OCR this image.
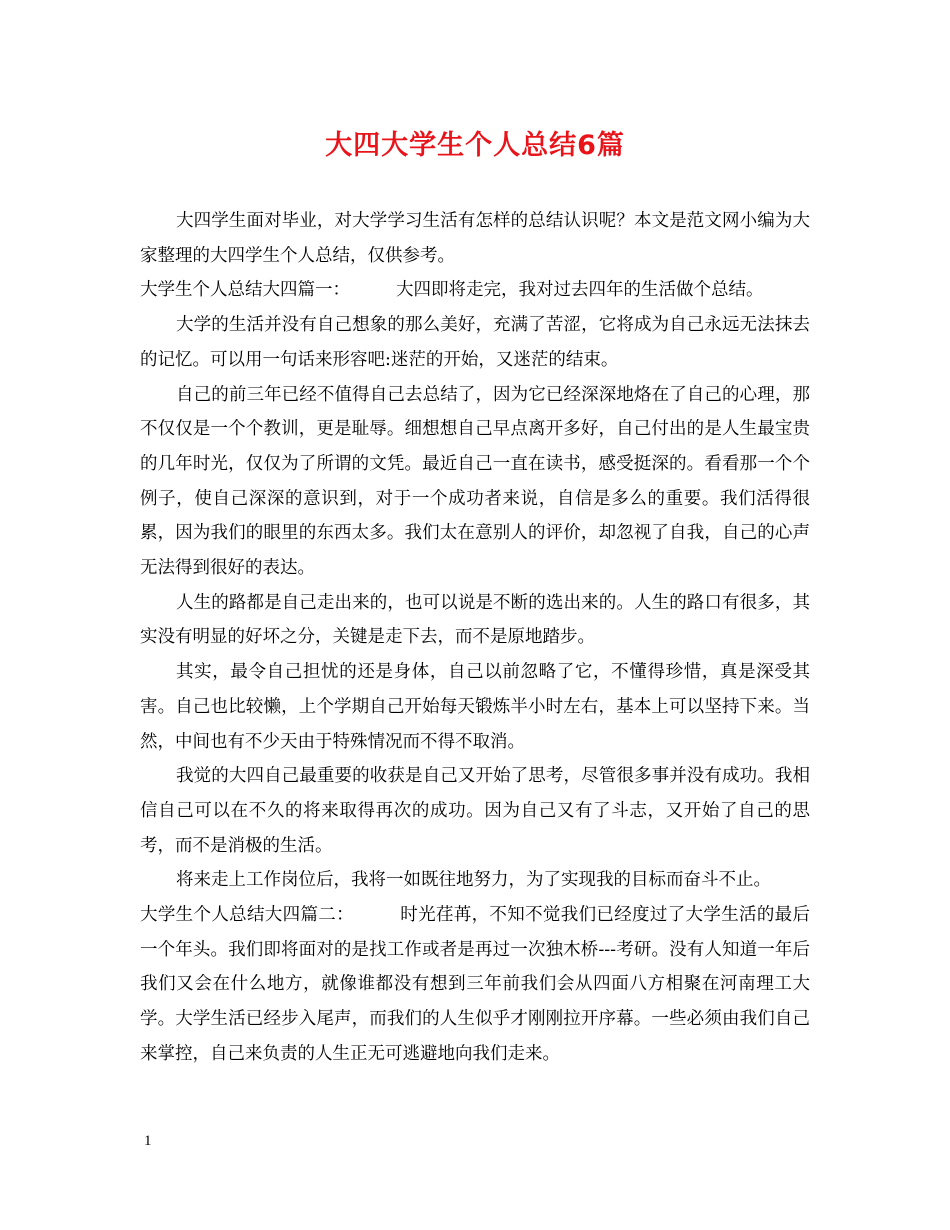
大四大学生个人总结6篇

大四学生面对毕业，对大学学习生活有怎样的总结认识呢？本文是范文网小编为大家整理的大四学生个人总结，仅供参考。

大学生个人总结大四篇一：	大四即将走完，我对过去四年的生活做个总结。

大学的生活并没有自己想象的那么美好，充满了苦涩，它将成为自己永远无法抹去的记忆。可以用一句话来形容吧:迷茫的开始，又迷茫的结束。

自己的前三年已经不值得自己去总结了，因为它已经深深地烙在了自己的心理，那不仅仅是一个个教训，更是耻辱。细想想自己早点离开多好，自己付出的是人生最宝贵的几年时光，仅仅为了所谓的文凭。最近自己一直在读书，感受挺深的。看看那一个个例子，使自己深深的意识到，对于一个成功者来说，自信是多么的重要。我们活得很累，因为我们的眼里的东西太多。我们太在意别人的评价，却忽视了自我，自己的心声无法得到很好的表达。

人生的路都是自己走出来的，也可以说是不断的选出来的。人生的路口有很多，其实没有明显的好坏之分，关键是走下去，而不是原地踏步。

其实，最令自己担忧的还是身体，自己以前忽略了它，不懂得珍惜，真是深受其害。自己也比较懒，上个学期自己开始每天锻炼半小时左右，基本上可以坚持下来。当然，中间也有不少天由于特殊情况而不得不取消。

我觉的大四自己最重要的收获是自己又开始了思考，尽管很多事并没有成功。我相信自己可以在不久的将来取得再次的成功。因为自己又有了斗志，又开始了自己的思考，而不是消极的生活。

将来走上工作岗位后，我将一如既往地努力，为了实现我的目标而奋斗不止。

大学生个人总结大四篇二：	时光荏苒，不知不觉我们已经度过了大学生活的最后一个年头。我们即将面对的是找工作或者是再过一次独木桥---考研。没有人知道一年后我们又会在什么地方，就像谁都没有想到三年前我们会从四面八方相聚在河南理工大学。大学生活已经步入尾声，而我们的人生似乎才刚刚拉开序幕。一些必须由我们自己来掌控，自己来负责的人生正无可逃避地向我们走来。

1
